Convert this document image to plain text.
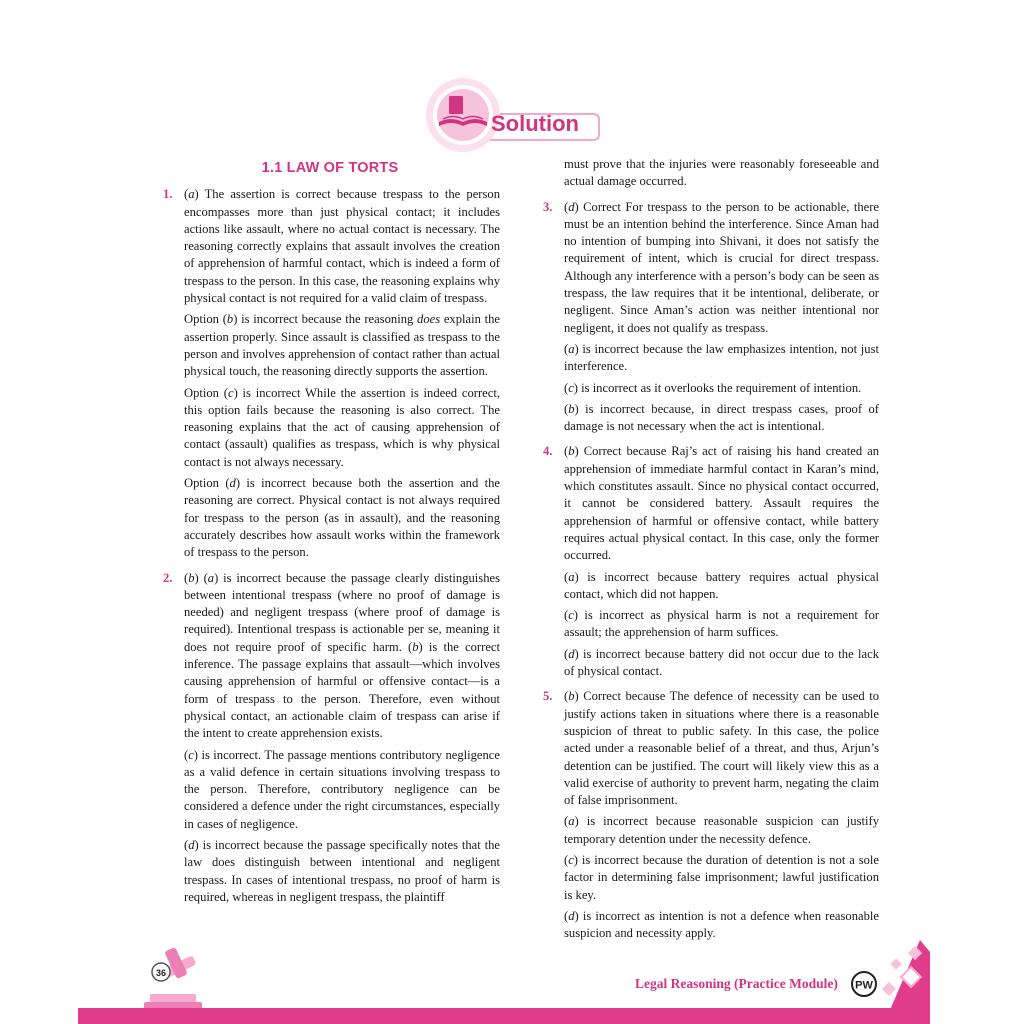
Solution
1.1 LAW OF TORTS
1. (a) The assertion is correct because trespass to the person encompasses more than just physical contact; it includes actions like assault, where no actual contact is necessary. The reasoning correctly explains that assault involves the creation of apprehension of harmful contact, which is indeed a form of trespass to the person. In this case, the reasoning explains why physical contact is not required for a valid claim of trespass.

Option (b) is incorrect because the reasoning does explain the assertion properly. Since assault is classified as trespass to the person and involves apprehension of contact rather than actual physical touch, the reasoning directly supports the assertion.

Option (c) is incorrect While the assertion is indeed correct, this option fails because the reasoning is also correct. The reasoning explains that the act of causing apprehension of contact (assault) qualifies as trespass, which is why physical contact is not always necessary.

Option (d) is incorrect because both the assertion and the reasoning are correct. Physical contact is not always required for trespass to the person (as in assault), and the reasoning accurately describes how assault works within the framework of trespass to the person.

2. (b) (a) is incorrect because the passage clearly distinguishes between intentional trespass (where no proof of damage is needed) and negligent trespass (where proof of damage is required). Intentional trespass is actionable per se, meaning it does not require proof of specific harm. (b) is the correct inference. The passage explains that assault—which involves causing apprehension of harmful or offensive contact—is a form of trespass to the person. Therefore, even without physical contact, an actionable claim of trespass can arise if the intent to create apprehension exists.

(c) is incorrect. The passage mentions contributory negligence as a valid defence in certain situations involving trespass to the person. Therefore, contributory negligence can be considered a defence under the right circumstances, especially in cases of negligence.

(d) is incorrect because the passage specifically notes that the law does distinguish between intentional and negligent trespass. In cases of intentional trespass, no proof of harm is required, whereas in negligent trespass, the plaintiff

must prove that the injuries were reasonably foreseeable and actual damage occurred.

3. (d) Correct For trespass to the person to be actionable, there must be an intention behind the interference. Since Aman had no intention of bumping into Shivani, it does not satisfy the requirement of intent, which is crucial for direct trespass. Although any interference with a person’s body can be seen as trespass, the law requires that it be intentional, deliberate, or negligent. Since Aman’s action was neither intentional nor negligent, it does not qualify as trespass.

(a) is incorrect because the law emphasizes intention, not just interference.

(c) is incorrect as it overlooks the requirement of intention.

(b) is incorrect because, in direct trespass cases, proof of damage is not necessary when the act is intentional.

4. (b) Correct because Raj’s act of raising his hand created an apprehension of immediate harmful contact in Karan’s mind, which constitutes assault. Since no physical contact occurred, it cannot be considered battery. Assault requires the apprehension of harmful or offensive contact, while battery requires actual physical contact. In this case, only the former occurred.

(a) is incorrect because battery requires actual physical contact, which did not happen.

(c) is incorrect as physical harm is not a requirement for assault; the apprehension of harm suffices.

(d) is incorrect because battery did not occur due to the lack of physical contact.

5. (b) Correct because The defence of necessity can be used to justify actions taken in situations where there is a reasonable suspicion of threat to public safety. In this case, the police acted under a reasonable belief of a threat, and thus, Arjun’s detention can be justified. The court will likely view this as a valid exercise of authority to prevent harm, negating the claim of false imprisonment.

(a) is incorrect because reasonable suspicion can justify temporary detention under the necessity defence.

(c) is incorrect because the duration of detention is not a sole factor in determining false imprisonment; lawful justification is key.

(d) is incorrect as intention is not a defence when reasonable suspicion and necessity apply.

36
Legal Reasoning (Practice Module) PW
